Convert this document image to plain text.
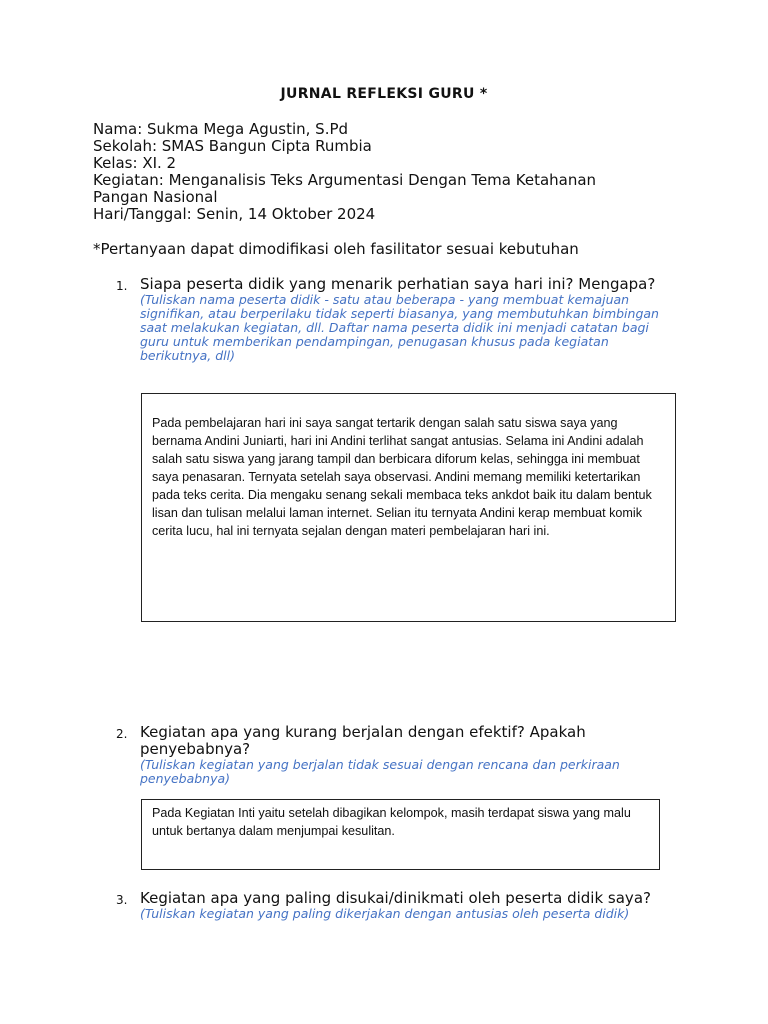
JURNAL REFLEKSI GURU *
Nama: Sukma Mega Agustin, S.Pd
Sekolah: SMAS Bangun Cipta Rumbia
Kelas: XI. 2
Kegiatan: Menganalisis Teks Argumentasi Dengan Tema Ketahanan
Pangan Nasional
Hari/Tanggal: Senin, 14 Oktober 2024
*Pertanyaan dapat dimodifikasi oleh fasilitator sesuai kebutuhan
1. Siapa peserta didik yang menarik perhatian saya hari ini? Mengapa?
(Tuliskan nama peserta didik - satu atau beberapa - yang membuat kemajuan signifikan, atau berperilaku tidak seperti biasanya, yang membutuhkan bimbingan saat melakukan kegiatan, dll. Daftar nama peserta didik ini menjadi catatan bagi guru untuk memberikan pendampingan, penugasan khusus pada kegiatan berikutnya, dll)

Pada pembelajaran hari ini saya sangat tertarik dengan salah satu siswa saya yang bernama Andini Juniarti, hari ini Andini terlihat sangat antusias. Selama ini Andini adalah salah satu siswa yang jarang tampil dan berbicara diforum kelas, sehingga ini membuat saya penasaran. Ternyata setelah saya observasi. Andini memang memiliki ketertarikan pada teks cerita. Dia mengaku senang sekali membaca teks ankdot baik itu dalam bentuk lisan dan tulisan melalui laman internet. Selian itu ternyata Andini kerap membuat komik cerita lucu, hal ini ternyata sejalan dengan materi pembelajaran hari ini.

2. Kegiatan apa yang kurang berjalan dengan efektif? Apakah penyebabnya?
(Tuliskan kegiatan yang berjalan tidak sesuai dengan rencana dan perkiraan penyebabnya)

Pada Kegiatan Inti yaitu setelah dibagikan kelompok, masih terdapat siswa yang malu untuk bertanya dalam menjumpai kesulitan.

3. Kegiatan apa yang paling disukai/dinikmati oleh peserta didik saya?
(Tuliskan kegiatan yang paling dikerjakan dengan antusias oleh peserta didik)
